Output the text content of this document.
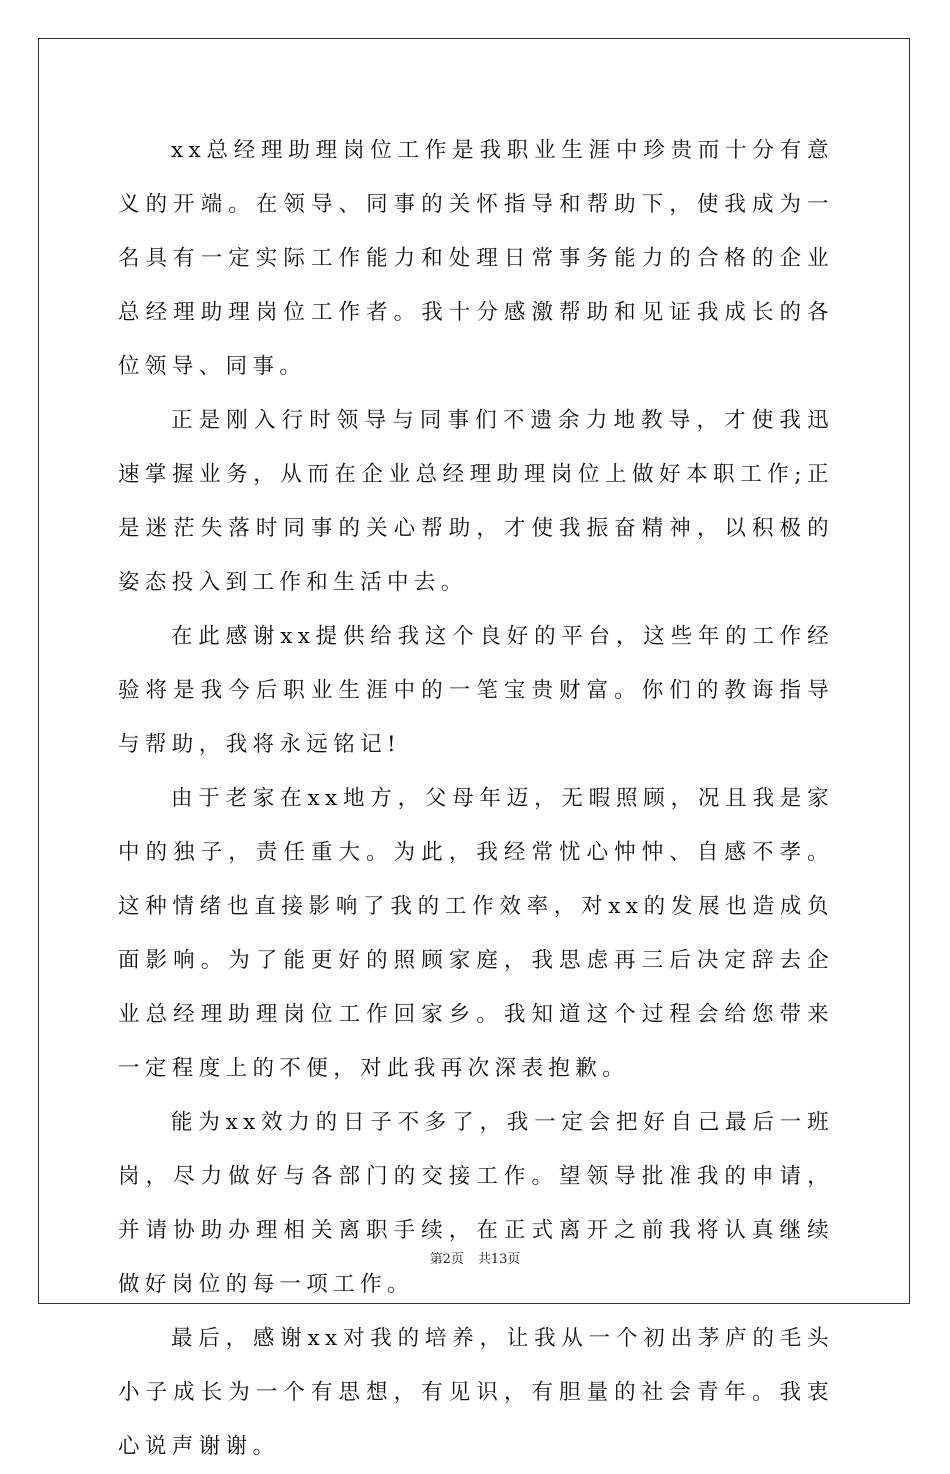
xx总经理助理岗位工作是我职业生涯中珍贵而十分有意义的开端。在领导、同事的关怀指导和帮助下，使我成为一名具有一定实际工作能力和处理日常事务能力的合格的企业总经理助理岗位工作者。我十分感激帮助和见证我成长的各位领导、同事。

正是刚入行时领导与同事们不遗余力地教导，才使我迅速掌握业务，从而在企业总经理助理岗位上做好本职工作;正是迷茫失落时同事的关心帮助，才使我振奋精神，以积极的姿态投入到工作和生活中去。

在此感谢xx提供给我这个良好的平台，这些年的工作经验将是我今后职业生涯中的一笔宝贵财富。你们的教诲指导与帮助，我将永远铭记!

由于老家在xx地方，父母年迈，无暇照顾，况且我是家中的独子，责任重大。为此，我经常忧心忡忡、自感不孝。这种情绪也直接影响了我的工作效率，对xx的发展也造成负面影响。为了能更好的照顾家庭，我思虑再三后决定辞去企业总经理助理岗位工作回家乡。我知道这个过程会给您带来一定程度上的不便，对此我再次深表抱歉。

能为xx效力的日子不多了，我一定会把好自己最后一班岗，尽力做好与各部门的交接工作。望领导批准我的申请，并请协助办理相关离职手续，在正式离开之前我将认真继续做好岗位的每一项工作。

最后，感谢xx对我的培养，让我从一个初出茅庐的毛头小子成长为一个有思想，有见识，有胆量的社会青年。我衷心说声谢谢。

第2页 共13页
